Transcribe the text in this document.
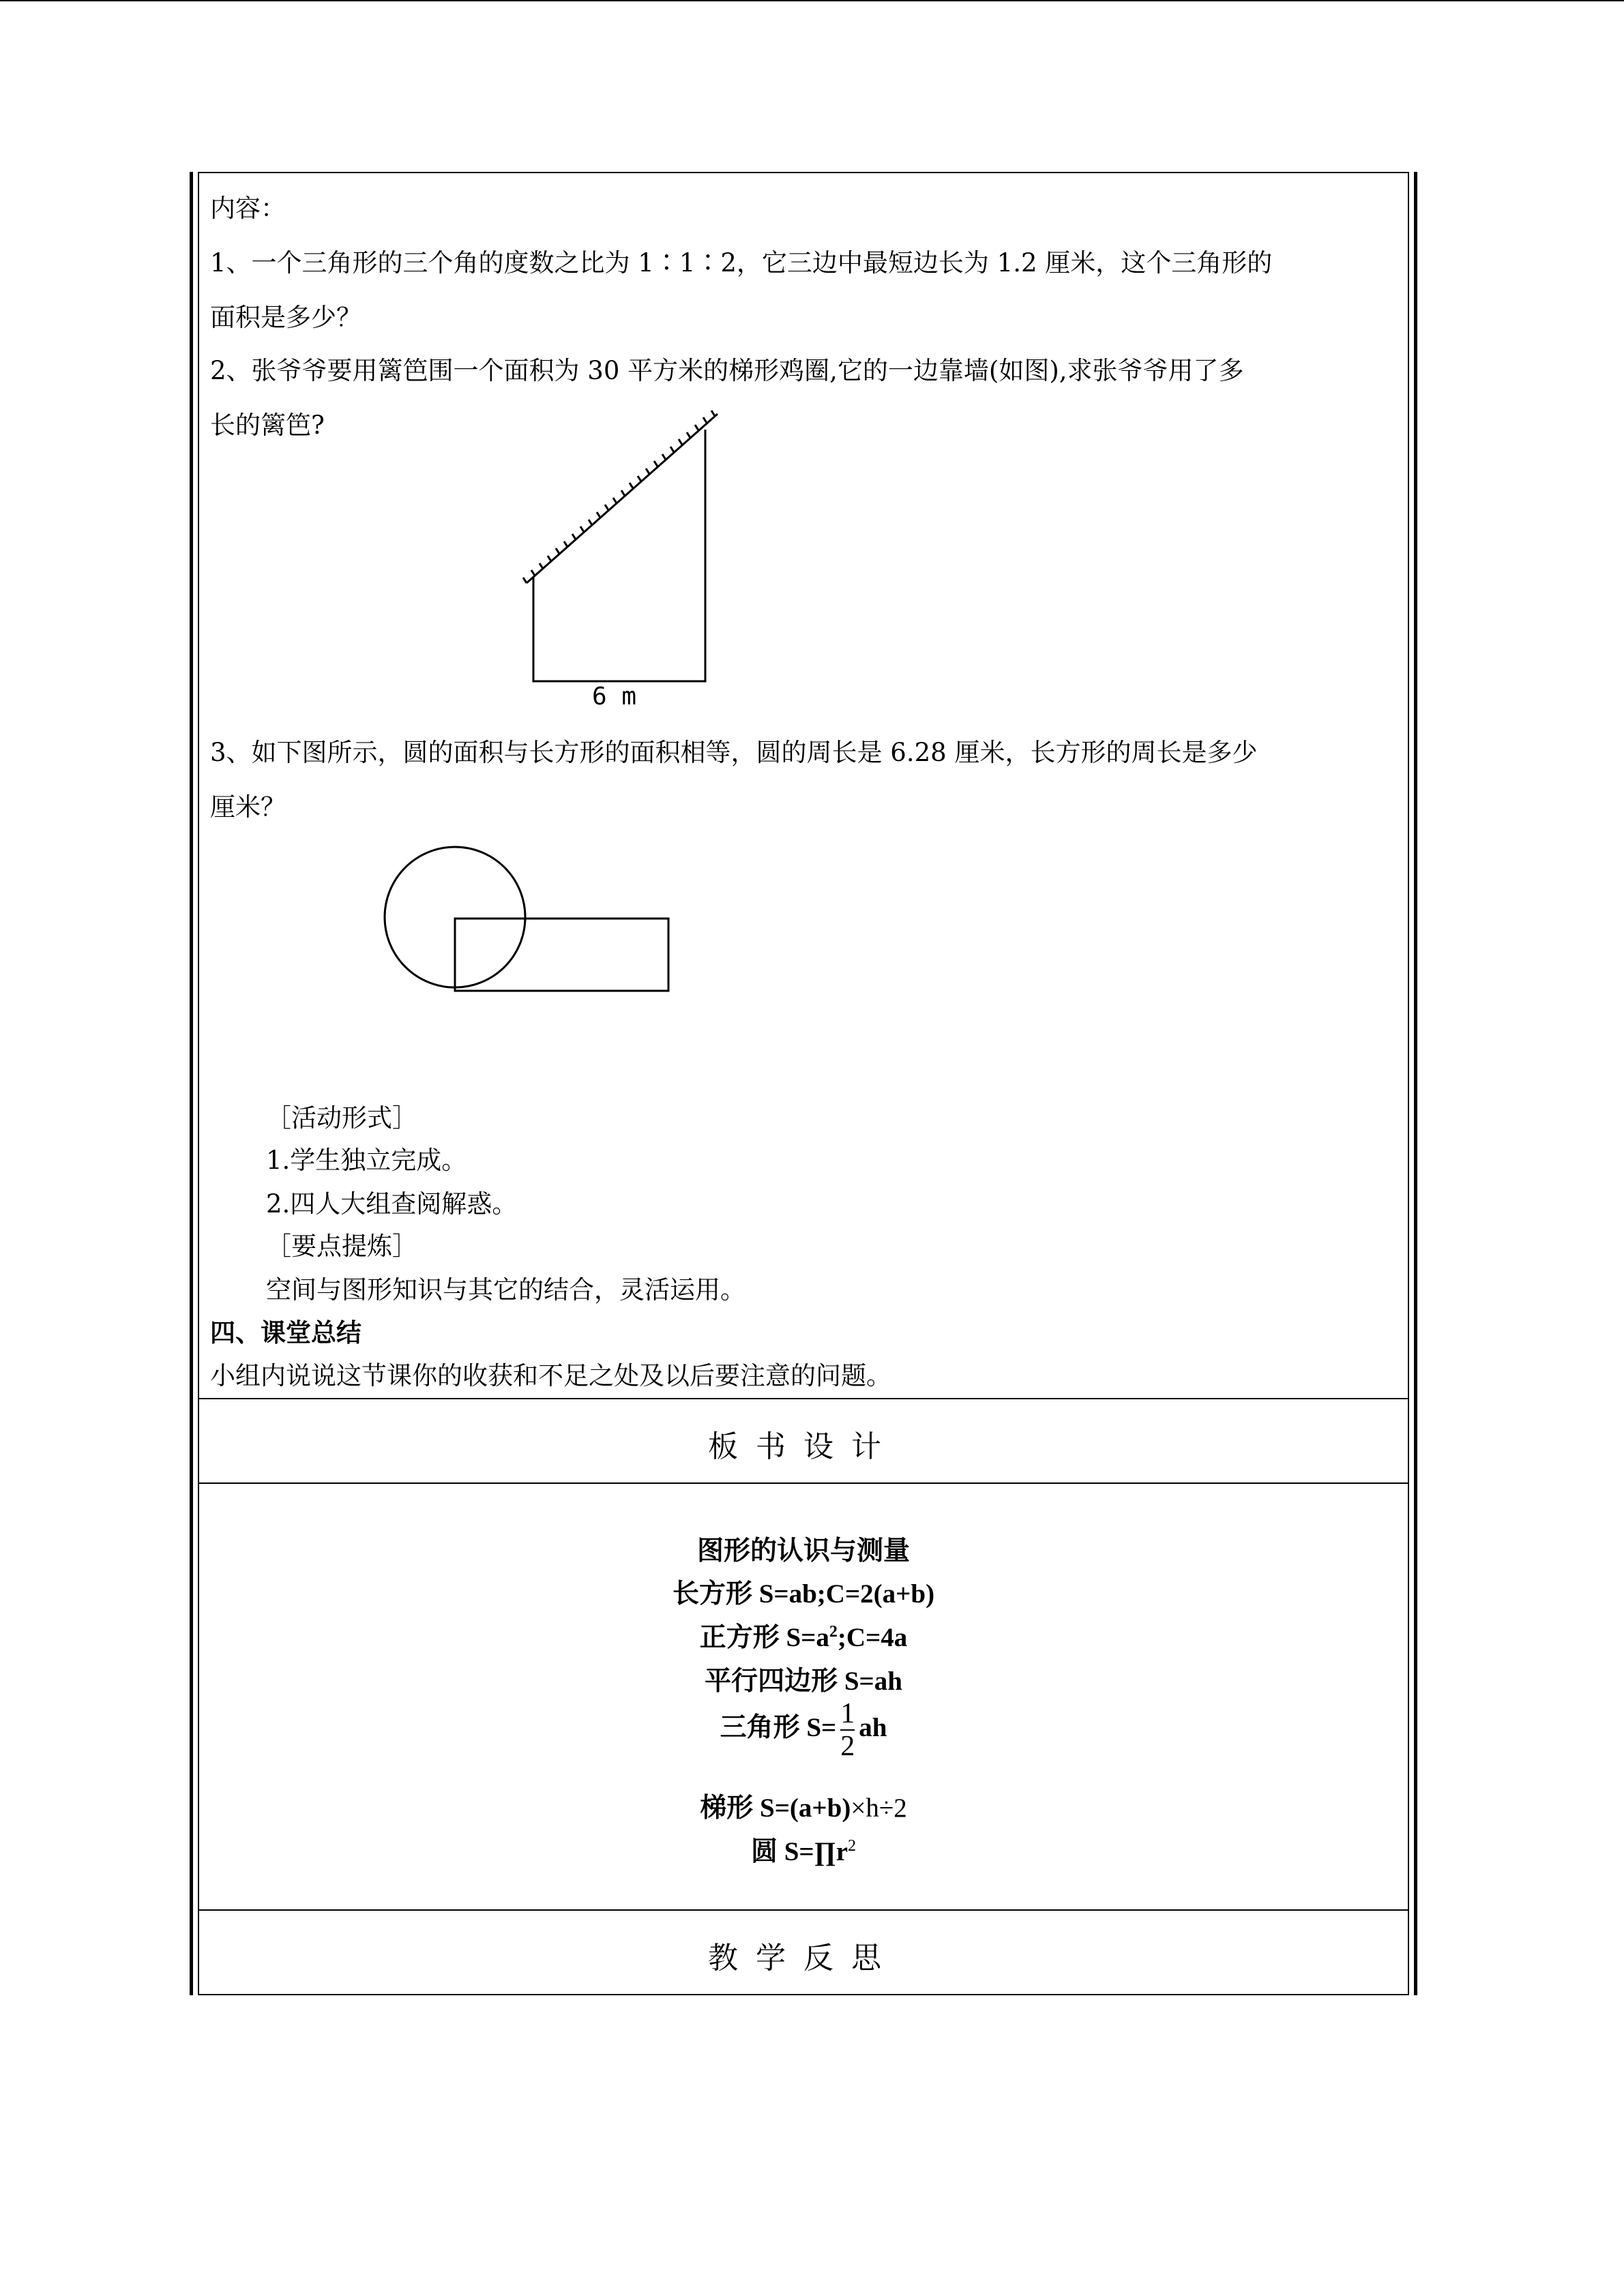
内容：
1、一个三角形的三个角的度数之比为 1∶1∶2，它三边中最短边长为 1.2 厘米，这个三角形的
面积是多少？
2、张爷爷要用篱笆围一个面积为 30 平方米的梯形鸡圈,它的一边靠墙(如图),求张爷爷用了多
长的篱笆?
6 m
3、如下图所示，圆的面积与长方形的面积相等，圆的周长是 6.28 厘米，长方形的周长是多少
厘米？
［活动形式］
1.学生独立完成。
2.四人大组查阅解惑。
［要点提炼］
空间与图形知识与其它的结合，灵活运用。
四、课堂总结
小组内说说这节课你的收获和不足之处及以后要注意的问题。
板书设计
图形的认识与测量
长方形 S=ab;C=2(a+b)
正方形 $S=a^2;C=4a$
平行四边形 S=ah
三角形 $S= \frac{1}{2}$ ah
梯形 S=(a+b)×h÷2
圆 $S=\prod r^2$
教学反思
